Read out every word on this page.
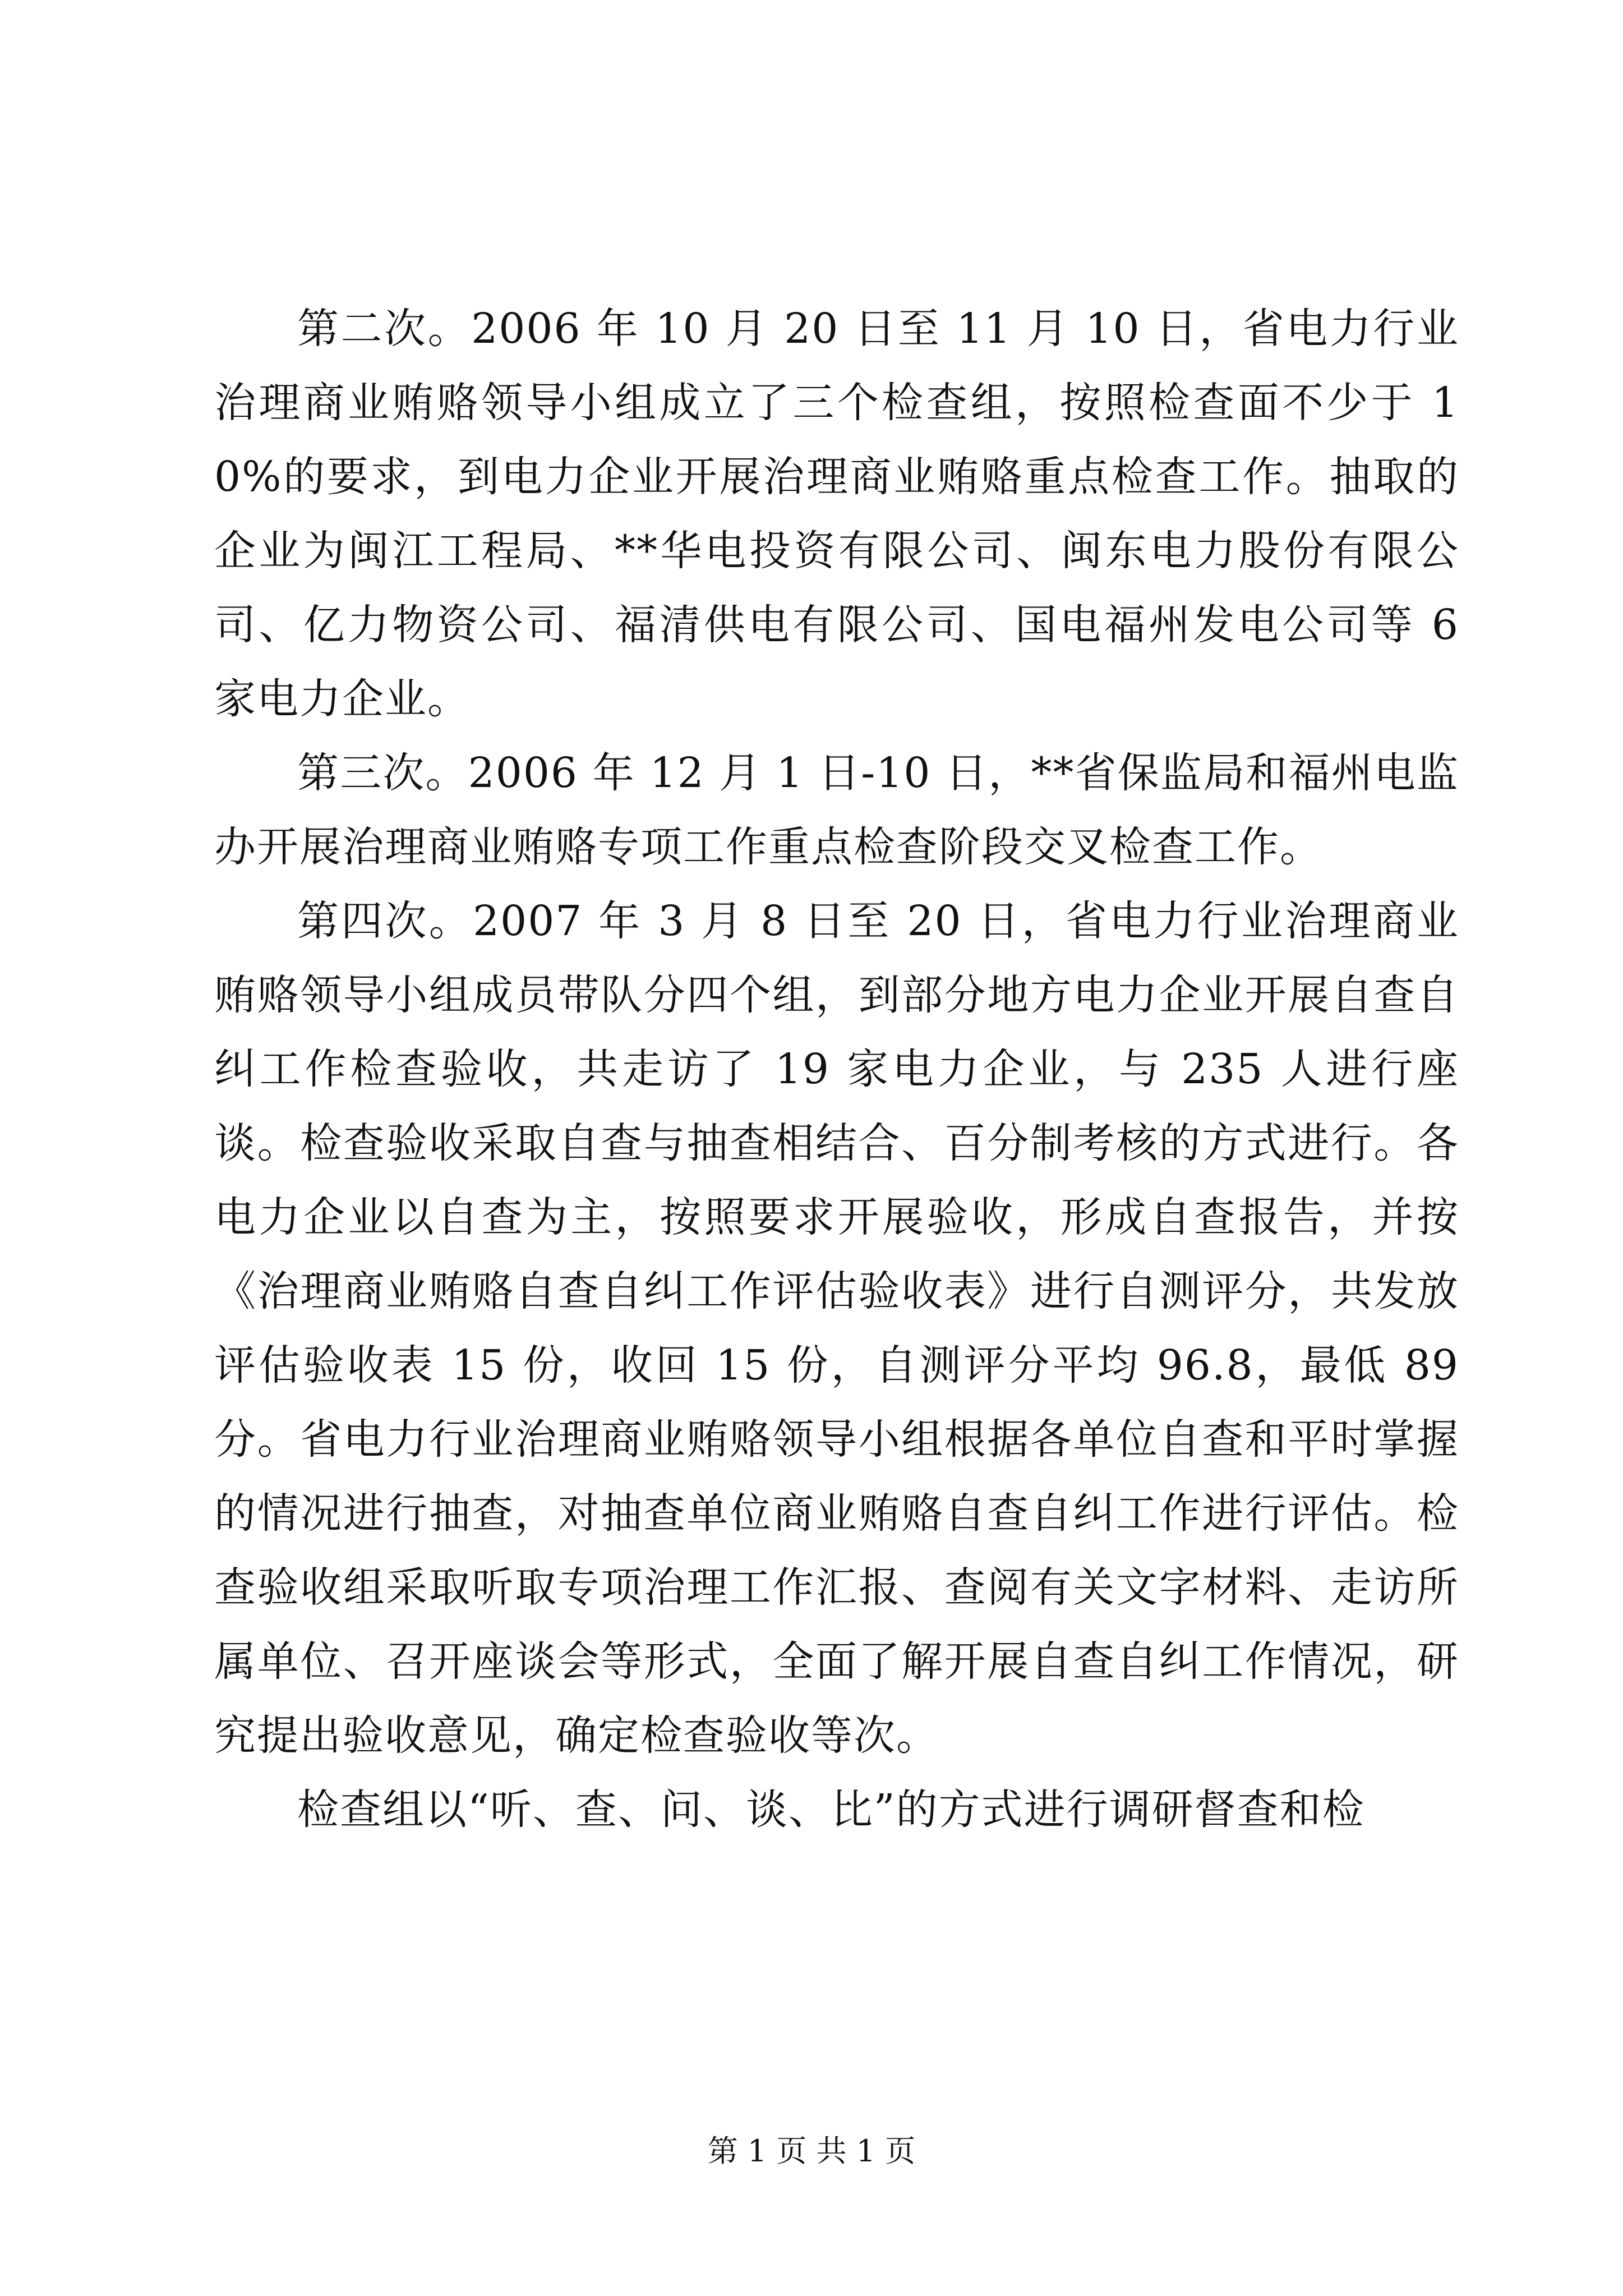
第二次。2006 年 10 月 20 日至 11 月 10 日，省电力行业治理商业贿赂领导小组成立了三个检查组，按照检查面不少于 10%的要求，到电力企业开展治理商业贿赂重点检查工作。抽取的企业为闽江工程局、**华电投资有限公司、闽东电力股份有限公司、亿力物资公司、福清供电有限公司、国电福州发电公司等 6 家电力企业。

第三次。2006 年 12 月 1 日-10 日，**省保监局和福州电监办开展治理商业贿赂专项工作重点检查阶段交叉检查工作。

第四次。2007 年 3 月 8 日至 20 日，省电力行业治理商业贿赂领导小组成员带队分四个组，到部分地方电力企业开展自查自纠工作检查验收，共走访了 19 家电力企业，与 235 人进行座谈。检查验收采取自查与抽查相结合、百分制考核的方式进行。各电力企业以自查为主，按照要求开展验收，形成自查报告，并按《治理商业贿赂自查自纠工作评估验收表》进行自测评分，共发放评估验收表 15 份，收回 15 份，自测评分平均 96.8，最低 89 分。省电力行业治理商业贿赂领导小组根据各单位自查和平时掌握的情况进行抽查，对抽查单位商业贿赂自查自纠工作进行评估。检查验收组采取听取专项治理工作汇报、查阅有关文字材料、走访所属单位、召开座谈会等形式，全面了解开展自查自纠工作情况，研究提出验收意见，确定检查验收等次。

检查组以“听、查、问、谈、比”的方式进行调研督查和检

第 1 页 共 1 页
